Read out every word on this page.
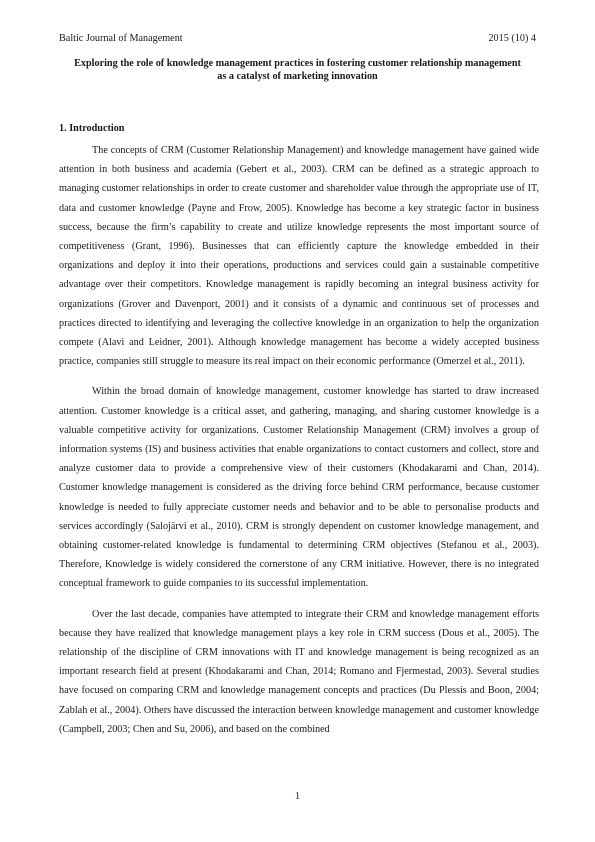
Baltic Journal of Management	2015 (10) 4
Exploring the role of knowledge management practices in fostering customer relationship management as a catalyst of marketing innovation
1. Introduction

The concepts of CRM (Customer Relationship Management) and knowledge management have gained wide attention in both business and academia (Gebert et al., 2003). CRM can be defined as a strategic approach to managing customer relationships in order to create customer and shareholder value through the appropriate use of IT, data and customer knowledge (Payne and Frow, 2005). Knowledge has become a key strategic factor in business success, because the firm’s capability to create and utilize knowledge represents the most important source of competitiveness (Grant, 1996). Businesses that can efficiently capture the knowledge embedded in their organizations and deploy it into their operations, productions and services could gain a sustainable competitive advantage over their competitors. Knowledge management is rapidly becoming an integral business activity for organizations (Grover and Davenport, 2001) and it consists of a dynamic and continuous set of processes and practices directed to identifying and leveraging the collective knowledge in an organization to help the organization compete (Alavi and Leidner, 2001). Although knowledge management has become a widely accepted business practice, companies still struggle to measure its real impact on their economic performance (Omerzel et al., 2011).

Within the broad domain of knowledge management, customer knowledge has started to draw increased attention. Customer knowledge is a critical asset, and gathering, managing, and sharing customer knowledge is a valuable competitive activity for organizations. Customer Relationship Management (CRM) involves a group of information systems (IS) and business activities that enable organizations to contact customers and collect, store and analyze customer data to provide a comprehensive view of their customers (Khodakarami and Chan, 2014). Customer knowledge management is considered as the driving force behind CRM performance, because customer knowledge is needed to fully appreciate customer needs and behavior and to be able to personalise products and services accordingly (Salojärvi et al., 2010). CRM is strongly dependent on customer knowledge management, and obtaining customer-related knowledge is fundamental to determining CRM objectives (Stefanou et al., 2003). Therefore, Knowledge is widely considered the cornerstone of any CRM initiative. However, there is no integrated conceptual framework to guide companies to its successful implementation.

Over the last decade, companies have attempted to integrate their CRM and knowledge management efforts because they have realized that knowledge management plays a key role in CRM success (Dous et al., 2005). The relationship of the discipline of CRM innovations with IT and knowledge management is being recognized as an important research field at present (Khodakarami and Chan, 2014; Romano and Fjermestad, 2003). Several studies have focused on comparing CRM and knowledge management concepts and practices (Du Plessis and Boon, 2004; Zablah et al., 2004). Others have discussed the interaction between knowledge management and customer knowledge (Campbell, 2003; Chen and Su, 2006), and based on the combined

1
